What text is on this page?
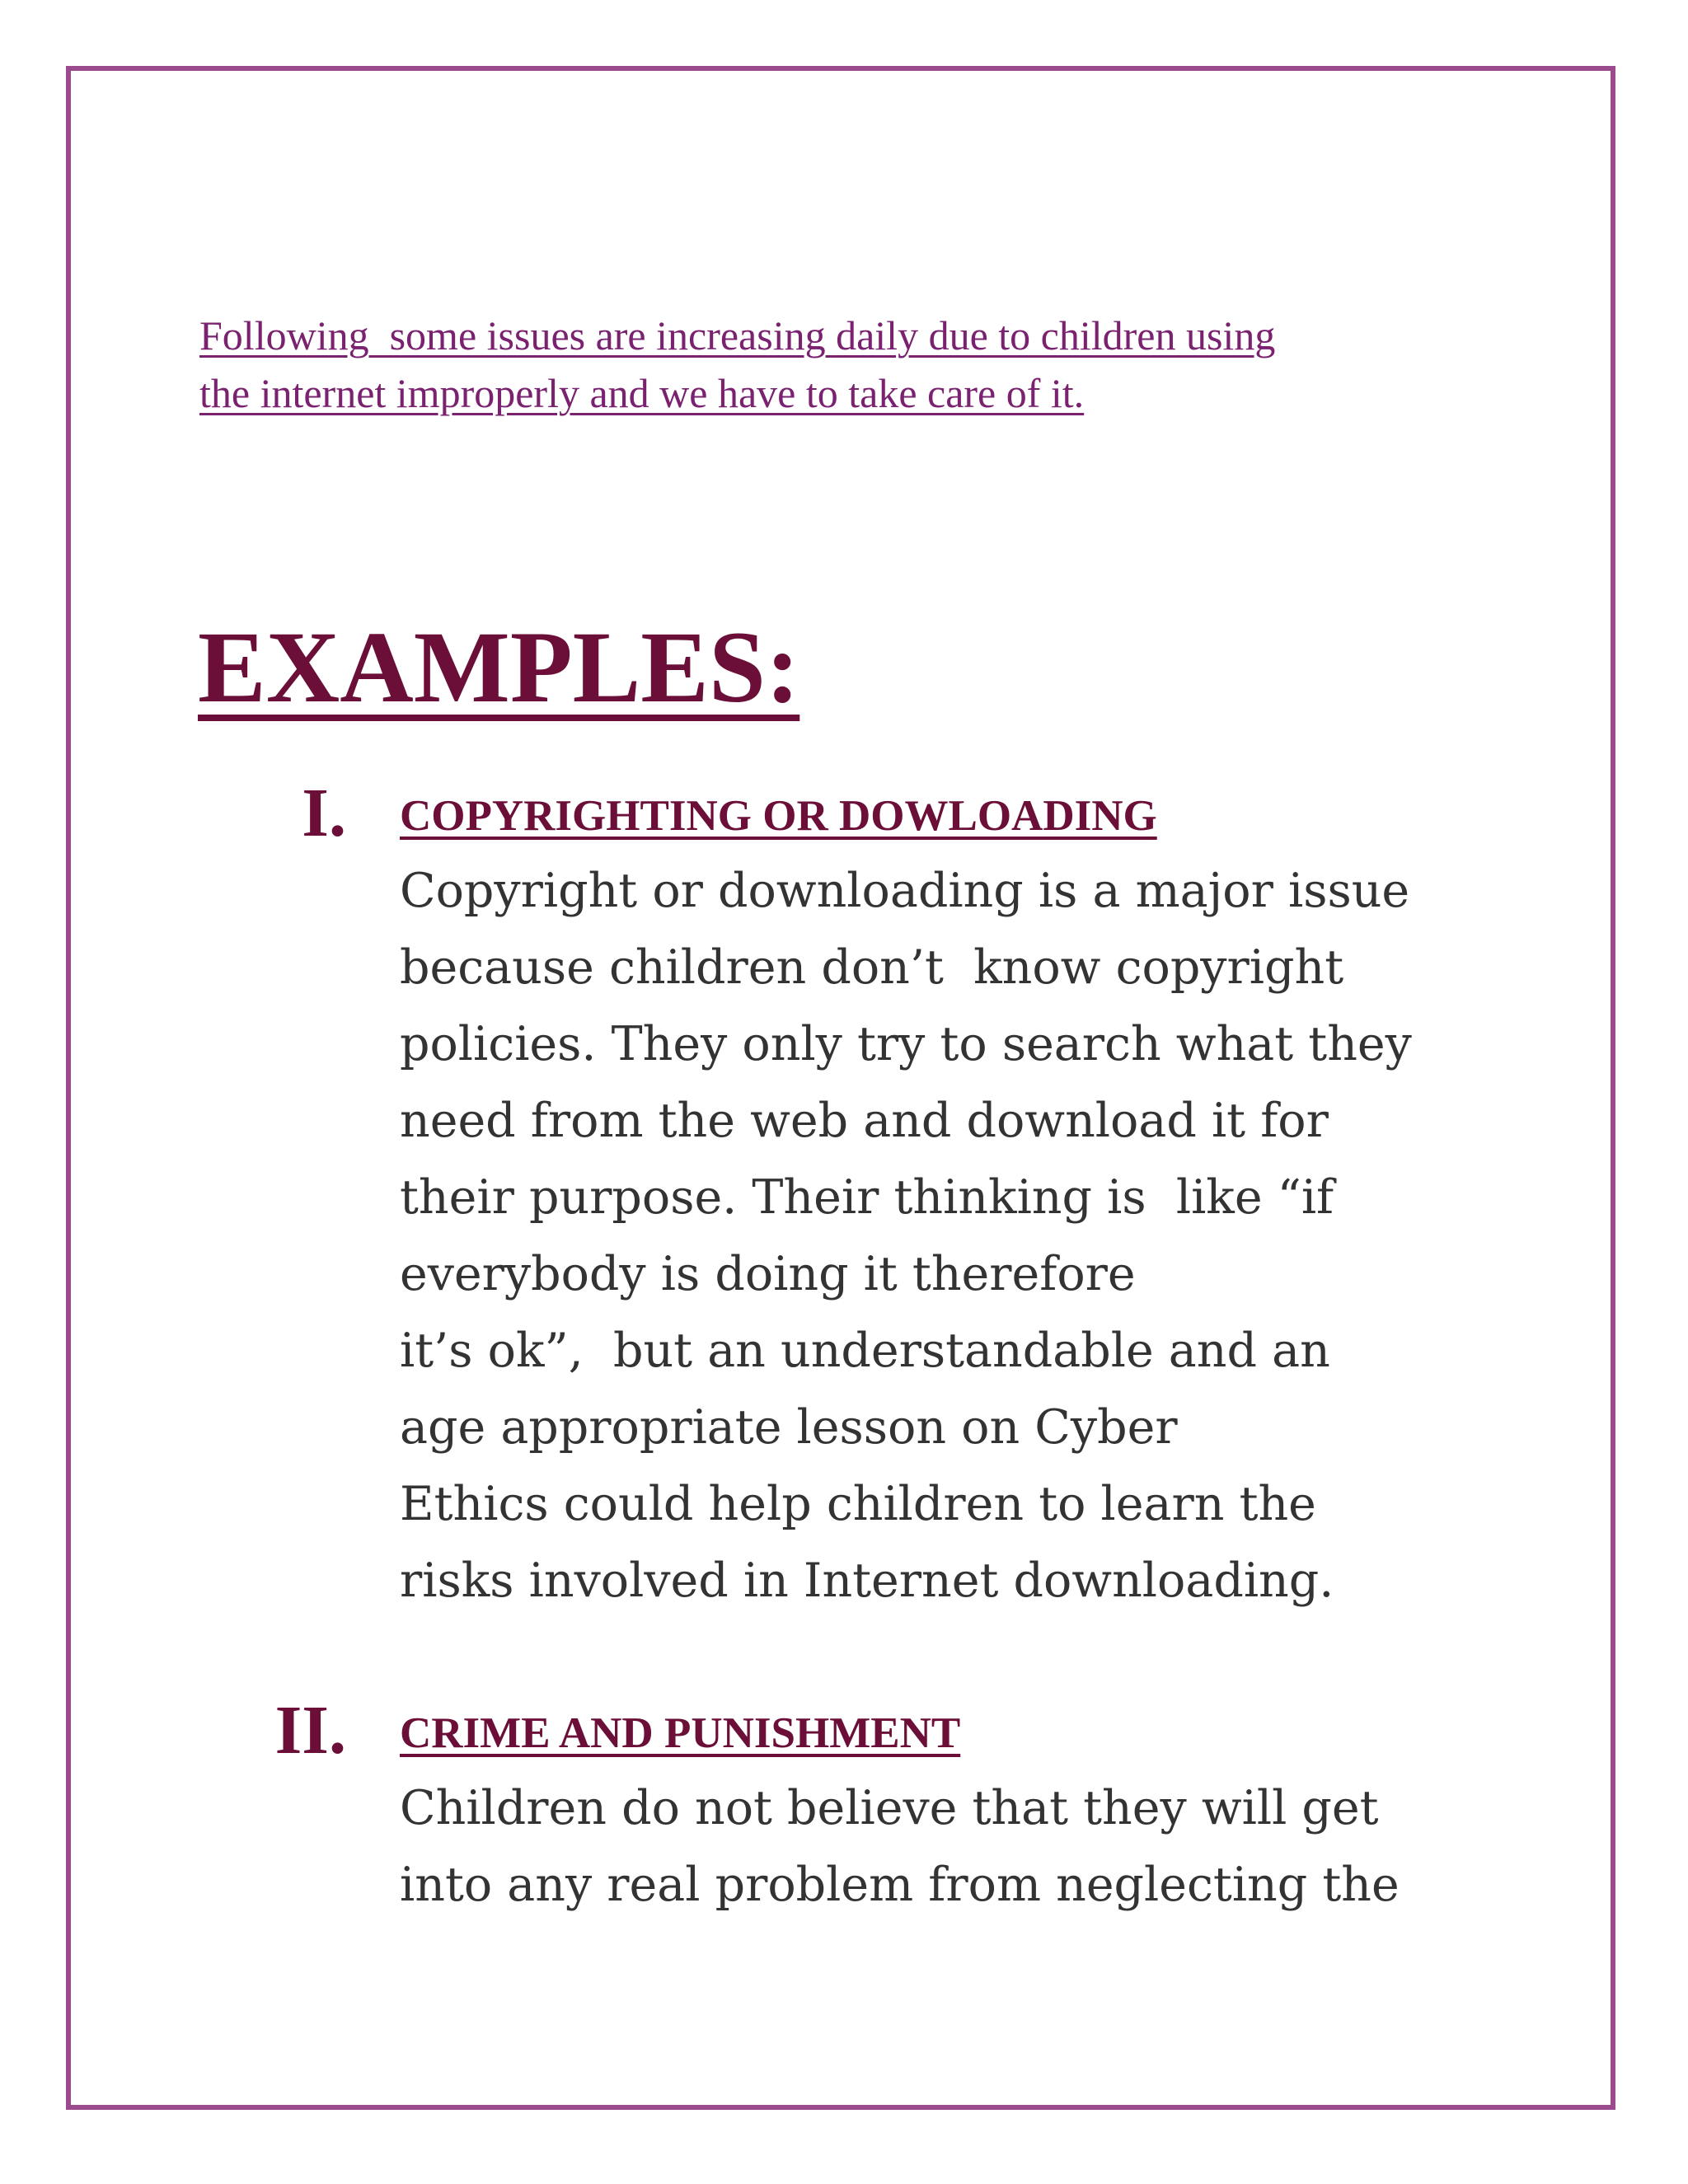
Following  some issues are increasing daily due to children using
the internet improperly and we have to take care of it.

EXAMPLES:
I. COPYRIGHTING OR DOWLOADING

Copyright or downloading is a major issue
because children don’t  know copyright
policies. They only try to search what they
need from the web and download it for
their purpose. Their thinking is  like “if
everybody is doing it therefore
it’s ok”,  but an understandable and an
age appropriate lesson on Cyber
Ethics could help children to learn the
risks involved in Internet downloading.

II. CRIME AND PUNISHMENT

Children do not believe that they will get
into any real problem from neglecting the
